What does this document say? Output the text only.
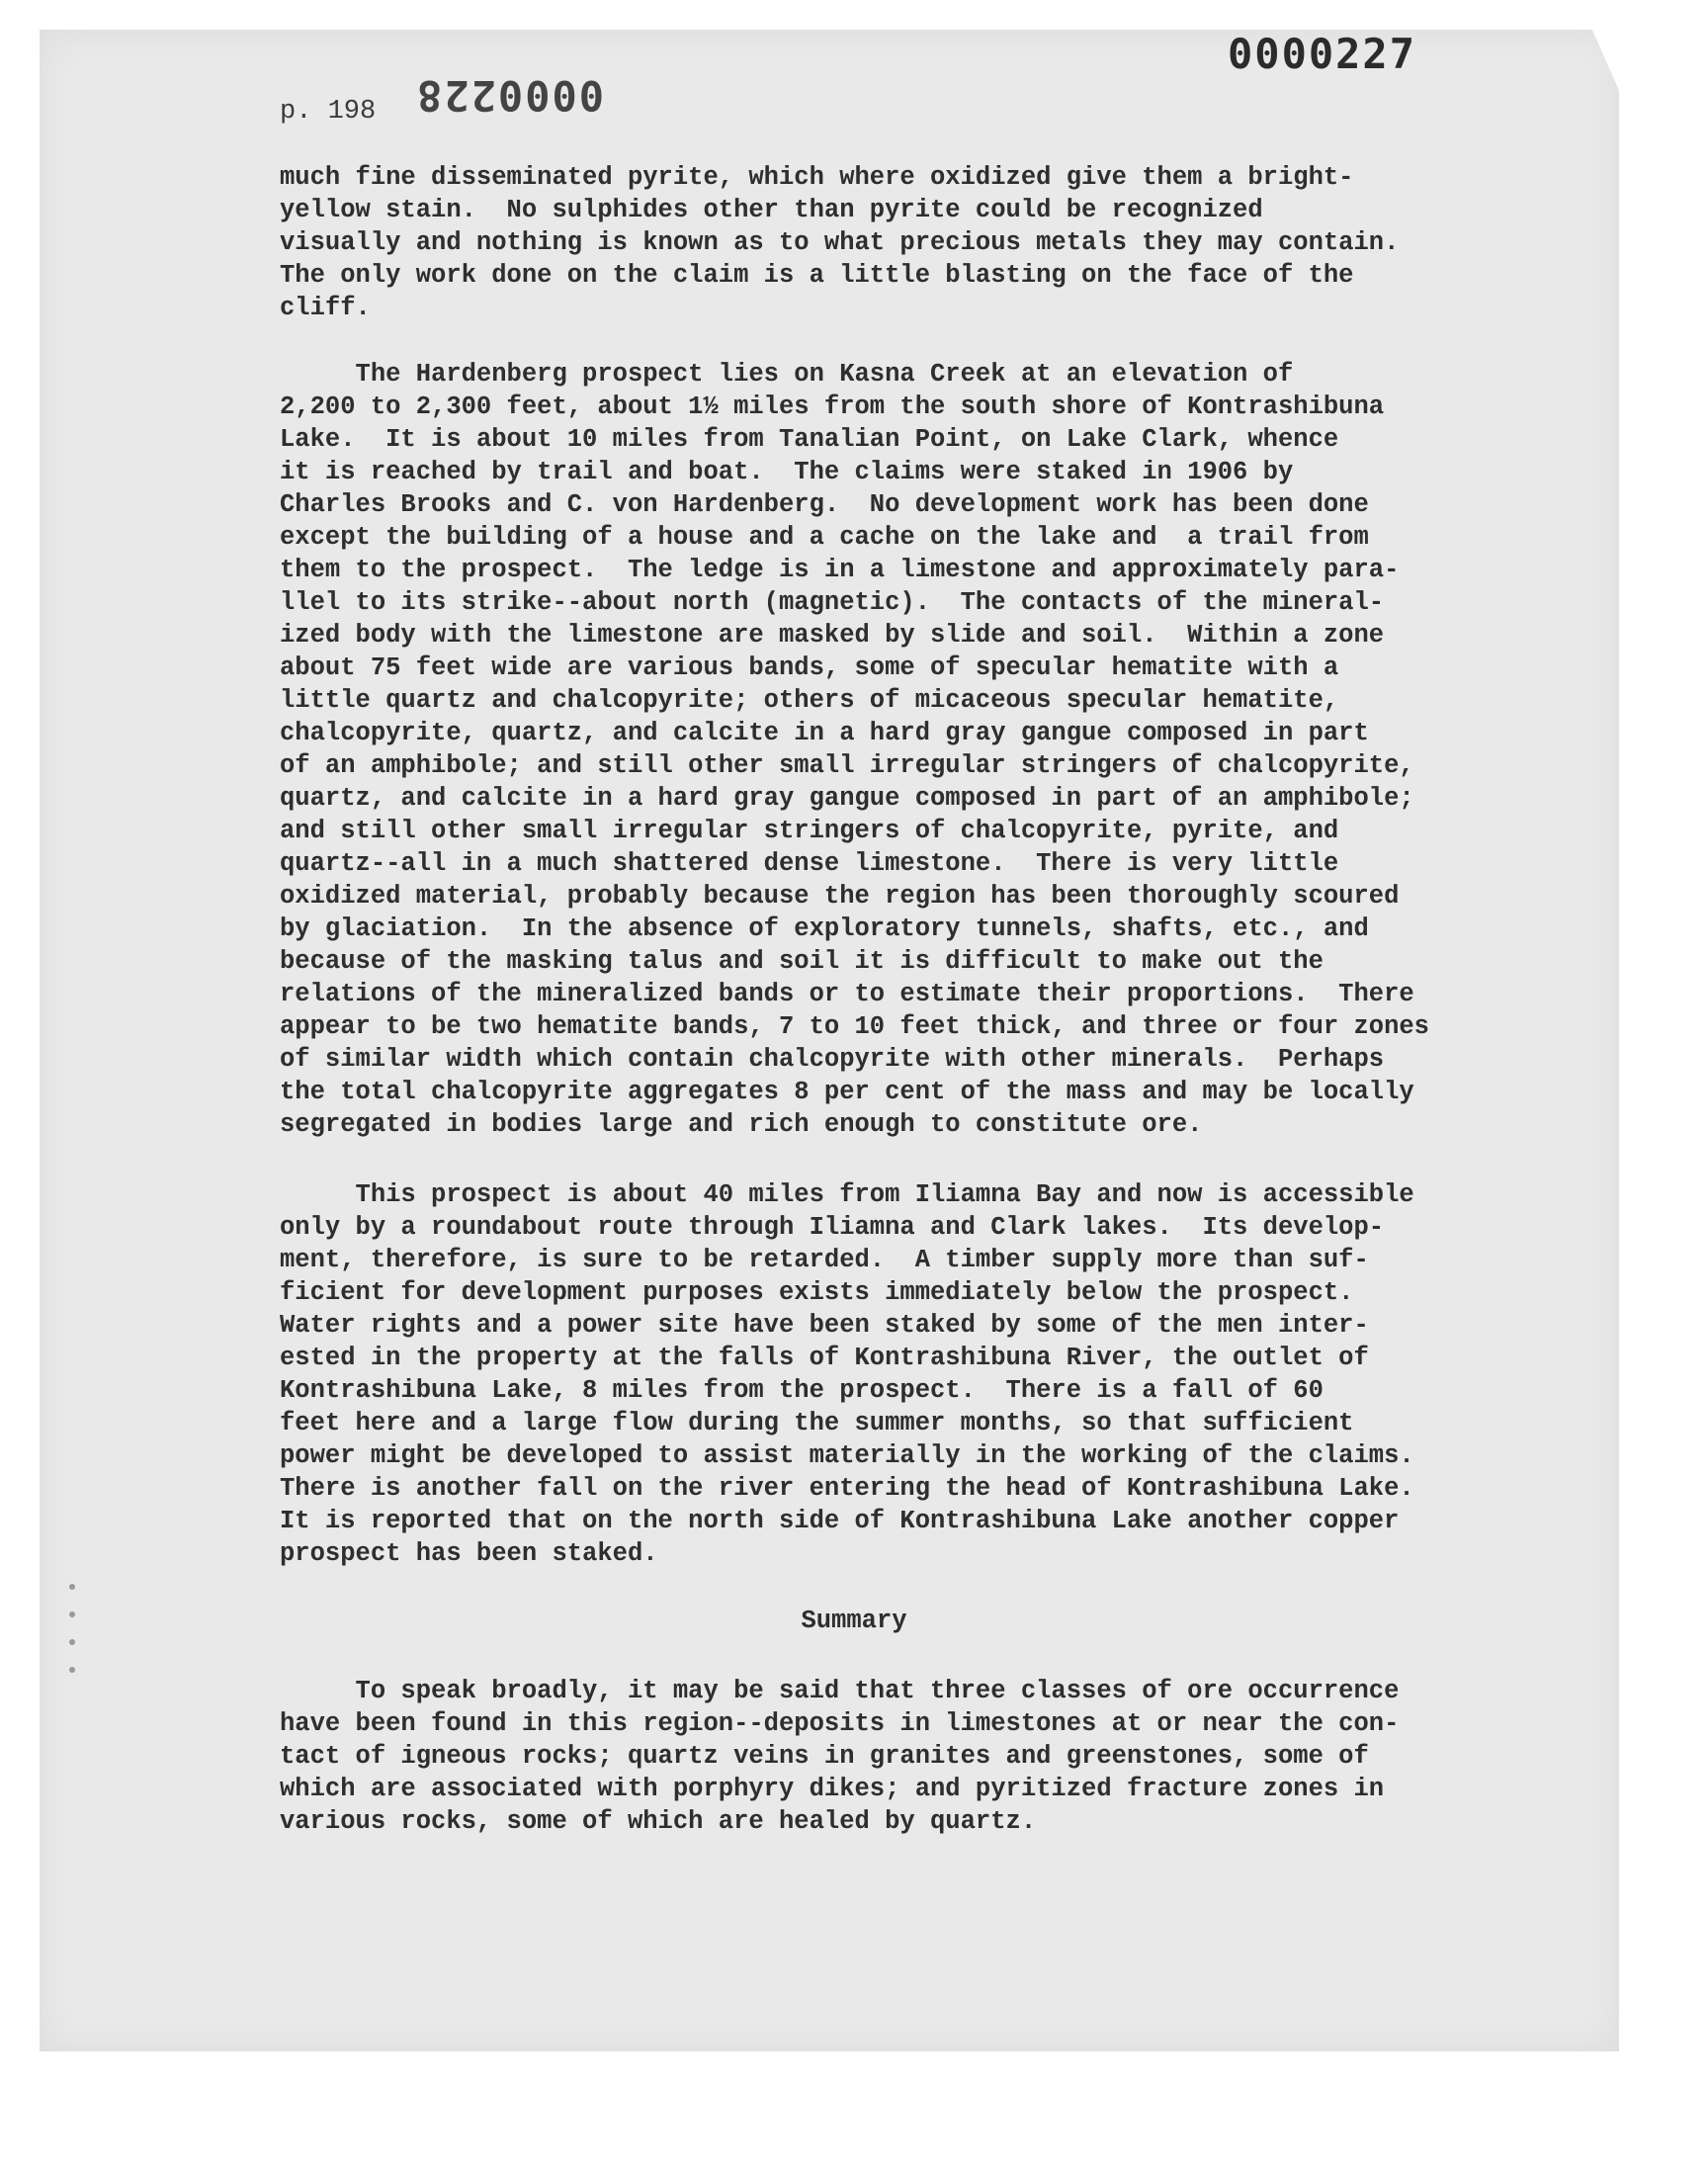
0000227
0000228
p. 198

much fine disseminated pyrite, which where oxidized give them a bright-
yellow stain.  No sulphides other than pyrite could be recognized
visually and nothing is known as to what precious metals they may contain.
The only work done on the claim is a little blasting on the face of the
cliff.

The Hardenberg prospect lies on Kasna Creek at an elevation of
2,200 to 2,300 feet, about 1½ miles from the south shore of Kontrashibuna
Lake.  It is about 10 miles from Tanalian Point, on Lake Clark, whence
it is reached by trail and boat.  The claims were staked in 1906 by
Charles Brooks and C. von Hardenberg.  No development work has been done
except the building of a house and a cache on the lake and  a trail from
them to the prospect.  The ledge is in a limestone and approximately para-
llel to its strike--about north (magnetic).  The contacts of the mineral-
ized body with the limestone are masked by slide and soil.  Within a zone
about 75 feet wide are various bands, some of specular hematite with a
little quartz and chalcopyrite; others of micaceous specular hematite,
chalcopyrite, quartz, and calcite in a hard gray gangue composed in part
of an amphibole; and still other small irregular stringers of chalcopyrite,
quartz, and calcite in a hard gray gangue composed in part of an amphibole;
and still other small irregular stringers of chalcopyrite, pyrite, and
quartz--all in a much shattered dense limestone.  There is very little
oxidized material, probably because the region has been thoroughly scoured
by glaciation.  In the absence of exploratory tunnels, shafts, etc., and
because of the masking talus and soil it is difficult to make out the
relations of the mineralized bands or to estimate their proportions.  There
appear to be two hematite bands, 7 to 10 feet thick, and three or four zones
of similar width which contain chalcopyrite with other minerals.  Perhaps
the total chalcopyrite aggregates 8 per cent of the mass and may be locally
segregated in bodies large and rich enough to constitute ore.

This prospect is about 40 miles from Iliamna Bay and now is accessible
only by a roundabout route through Iliamna and Clark lakes.  Its develop-
ment, therefore, is sure to be retarded.  A timber supply more than suf-
ficient for development purposes exists immediately below the prospect.
Water rights and a power site have been staked by some of the men inter-
ested in the property at the falls of Kontrashibuna River, the outlet of
Kontrashibuna Lake, 8 miles from the prospect.  There is a fall of 60
feet here and a large flow during the summer months, so that sufficient
power might be developed to assist materially in the working of the claims.
There is another fall on the river entering the head of Kontrashibuna Lake.
It is reported that on the north side of Kontrashibuna Lake another copper
prospect has been staked.

Summary

To speak broadly, it may be said that three classes of ore occurrence
have been found in this region--deposits in limestones at or near the con-
tact of igneous rocks; quartz veins in granites and greenstones, some of
which are associated with porphyry dikes; and pyritized fracture zones in
various rocks, some of which are healed by quartz.
